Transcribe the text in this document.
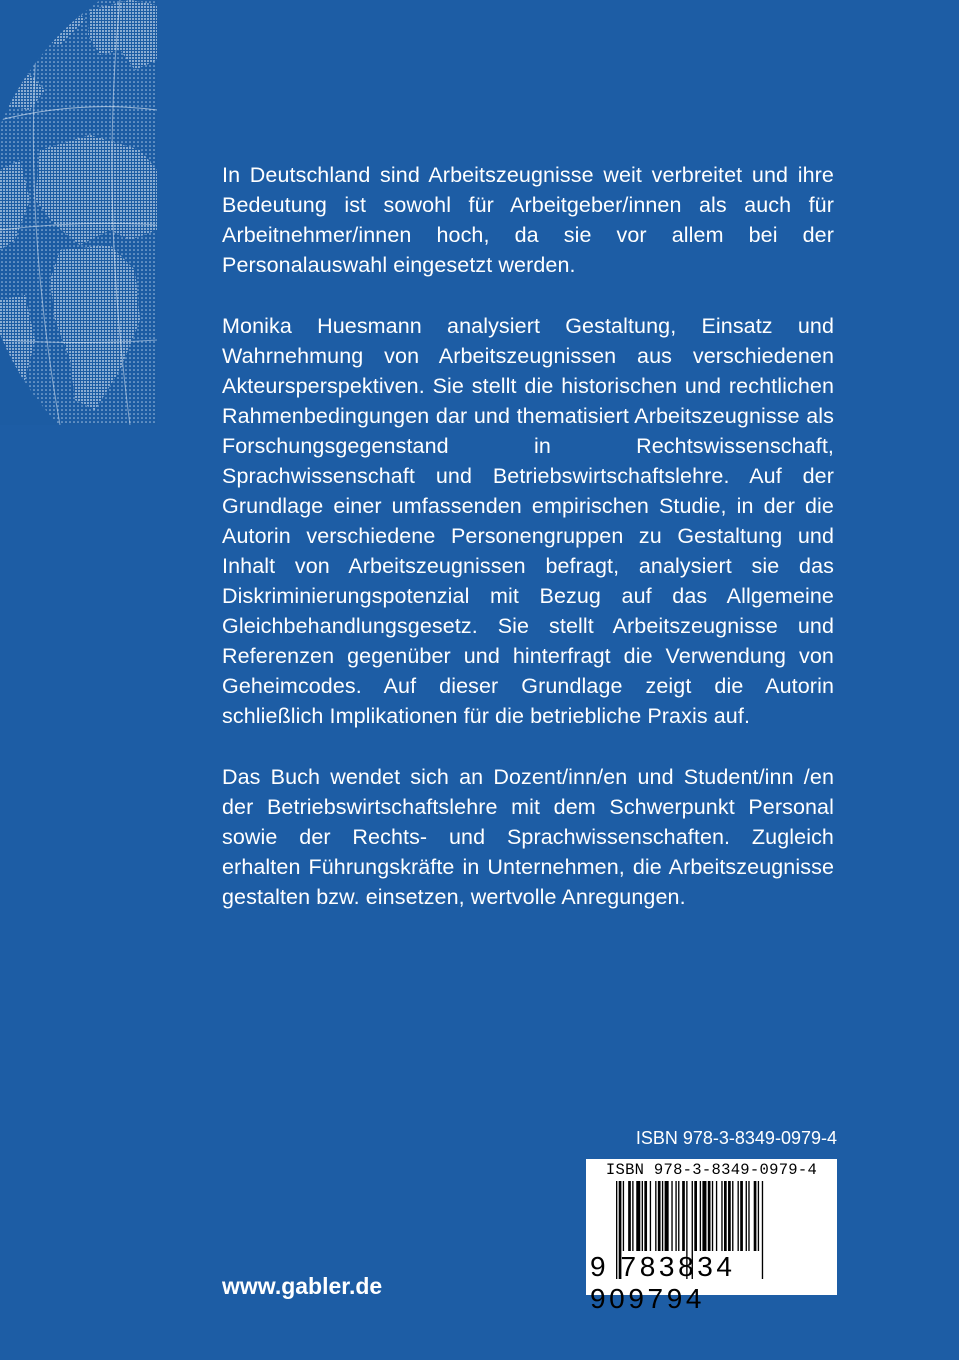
In Deutschland sind Arbeitszeugnisse weit verbreitet und ihre Bedeutung ist sowohl für Arbeitgeber/innen als auch für Arbeitnehmer/innen hoch, da sie vor allem bei der Personalauswahl eingesetzt werden.

Monika Huesmann analysiert Gestaltung, Einsatz und Wahrnehmung von Arbeitszeugnissen aus verschiedenen Akteursperspektiven. Sie stellt die historischen und rechtlichen Rahmenbedingungen dar und thematisiert Arbeitszeugnisse als Forschungsgegenstand in Rechtswissenschaft, Sprachwissenschaft und Betriebswirtschaftslehre. Auf der Grundlage einer umfassenden empirischen Studie, in der die Autorin verschiedene Personengruppen zu Gestaltung und Inhalt von Arbeitszeugnissen befragt, analysiert sie das Diskriminierungspotenzial mit Bezug auf das Allgemeine Gleichbehandlungsgesetz. Sie stellt Arbeitszeugnisse und Referenzen gegenüber und hinterfragt die Verwendung von Geheimcodes. Auf dieser Grundlage zeigt die Autorin schließlich Implikationen für die betriebliche Praxis auf.

Das Buch wendet sich an Dozent/inn/en und Student/inn /en der Betriebswirtschaftslehre mit dem Schwerpunkt Personal sowie der Rechts- und Sprachwissenschaften. Zugleich erhalten Führungskräfte in Unternehmen, die Arbeitszeugnisse gestalten bzw. einsetzen, wertvolle Anregungen.

ISBN 978-3-8349-0979-4
ISBN 978-3-8349-0979-4
9 783834 909794
www.gabler.de
